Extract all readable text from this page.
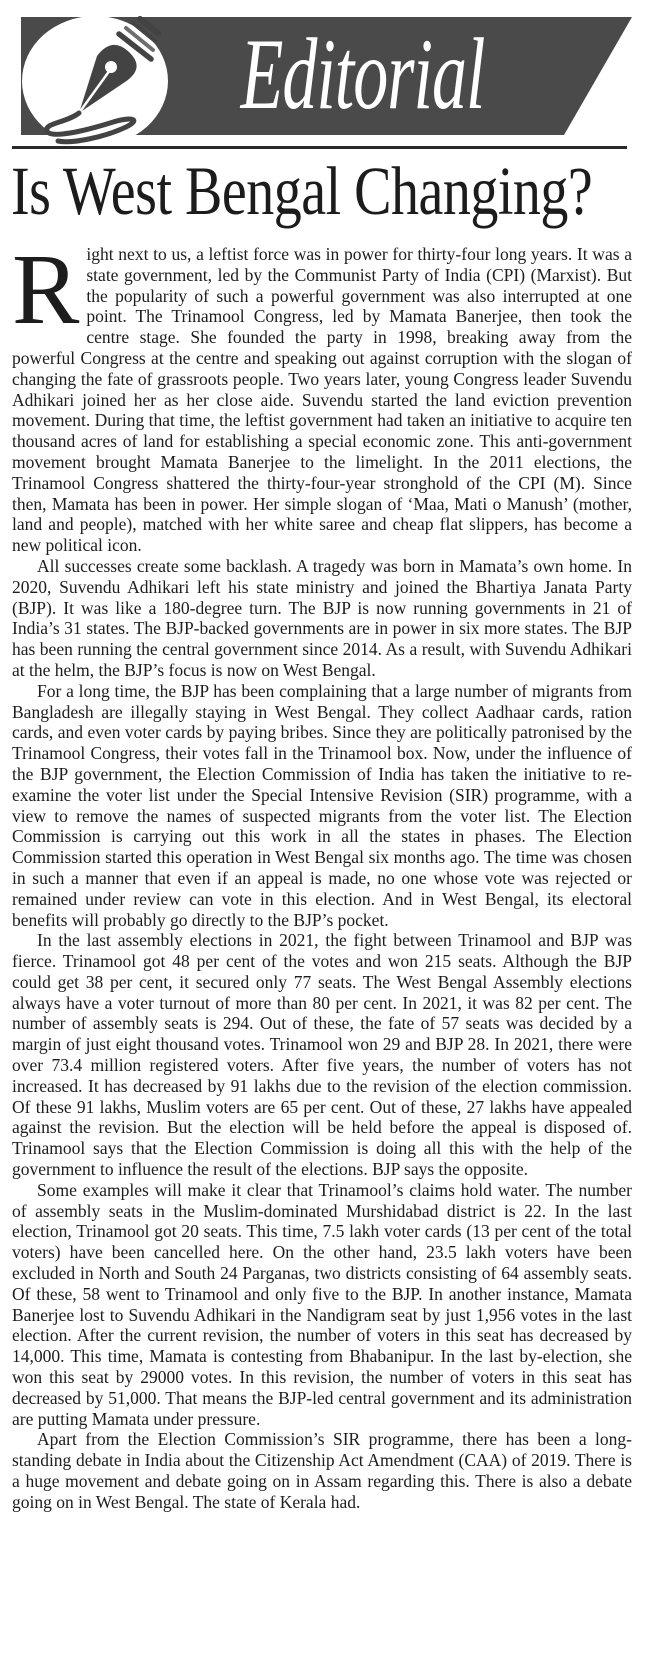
Editorial
Is West Bengal Changing?

Right next to us, a leftist force was in power for thirty-four long years. It was a state government, led by the Communist Party of India (CPI) (Marxist). But the popularity of such a powerful government was also interrupted at one point. The Trinamool Congress, led by Mamata Banerjee, then took the centre stage. She founded the party in 1998, breaking away from the powerful Congress at the centre and speaking out against corruption with the slogan of changing the fate of grassroots people. Two years later, young Congress leader Suvendu Adhikari joined her as her close aide. Suvendu started the land eviction prevention movement. During that time, the leftist government had taken an initiative to acquire ten thousand acres of land for establishing a special economic zone. This anti-government movement brought Mamata Banerjee to the limelight. In the 2011 elections, the Trinamool Congress shattered the thirty-four-year stronghold of the CPI (M). Since then, Mamata has been in power. Her simple slogan of ‘Maa, Mati o Manush’ (mother, land and people), matched with her white saree and cheap flat slippers, has become a new political icon.

All successes create some backlash. A tragedy was born in Mamata’s own home. In 2020, Suvendu Adhikari left his state ministry and joined the Bhartiya Janata Party (BJP). It was like a 180-degree turn. The BJP is now running governments in 21 of India’s 31 states. The BJP-backed governments are in power in six more states. The BJP has been running the central government since 2014. As a result, with Suvendu Adhikari at the helm, the BJP’s focus is now on West Bengal.

For a long time, the BJP has been complaining that a large number of migrants from Bangladesh are illegally staying in West Bengal. They collect Aadhaar cards, ration cards, and even voter cards by paying bribes. Since they are politically patronised by the Trinamool Congress, their votes fall in the Trinamool box. Now, under the influence of the BJP government, the Election Commission of India has taken the initiative to re-examine the voter list under the Special Intensive Revision (SIR) programme, with a view to remove the names of suspected migrants from the voter list. The Election Commission is carrying out this work in all the states in phases. The Election Commission started this operation in West Bengal six months ago. The time was chosen in such a manner that even if an appeal is made, no one whose vote was rejected or remained under review can vote in this election. And in West Bengal, its electoral benefits will probably go directly to the BJP’s pocket.

In the last assembly elections in 2021, the fight between Trinamool and BJP was fierce. Trinamool got 48 per cent of the votes and won 215 seats. Although the BJP could get 38 per cent, it secured only 77 seats. The West Bengal Assembly elections always have a voter turnout of more than 80 per cent. In 2021, it was 82 per cent. The number of assembly seats is 294. Out of these, the fate of 57 seats was decided by a margin of just eight thousand votes. Trinamool won 29 and BJP 28. In 2021, there were over 73.4 million registered voters. After five years, the number of voters has not increased. It has decreased by 91 lakhs due to the revision of the election commission. Of these 91 lakhs, Muslim voters are 65 per cent. Out of these, 27 lakhs have appealed against the revision. But the election will be held before the appeal is disposed of. Trinamool says that the Election Commission is doing all this with the help of the government to influence the result of the elections. BJP says the opposite.

Some examples will make it clear that Trinamool’s claims hold water. The number of assembly seats in the Muslim-dominated Murshidabad district is 22. In the last election, Trinamool got 20 seats. This time, 7.5 lakh voter cards (13 per cent of the total voters) have been cancelled here. On the other hand, 23.5 lakh voters have been excluded in North and South 24 Parganas, two districts consisting of 64 assembly seats. Of these, 58 went to Trinamool and only five to the BJP. In another instance, Mamata Banerjee lost to Suvendu Adhikari in the Nandigram seat by just 1,956 votes in the last election. After the current revision, the number of voters in this seat has decreased by 14,000. This time, Mamata is contesting from Bhabanipur. In the last by-election, she won this seat by 29000 votes. In this revision, the number of voters in this seat has decreased by 51,000. That means the BJP-led central government and its administration are putting Mamata under pressure.

Apart from the Election Commission’s SIR programme, there has been a long-standing debate in India about the Citizenship Act Amendment (CAA) of 2019. There is a huge movement and debate going on in Assam regarding this. There is also a debate going on in West Bengal. The state of Kerala had.
